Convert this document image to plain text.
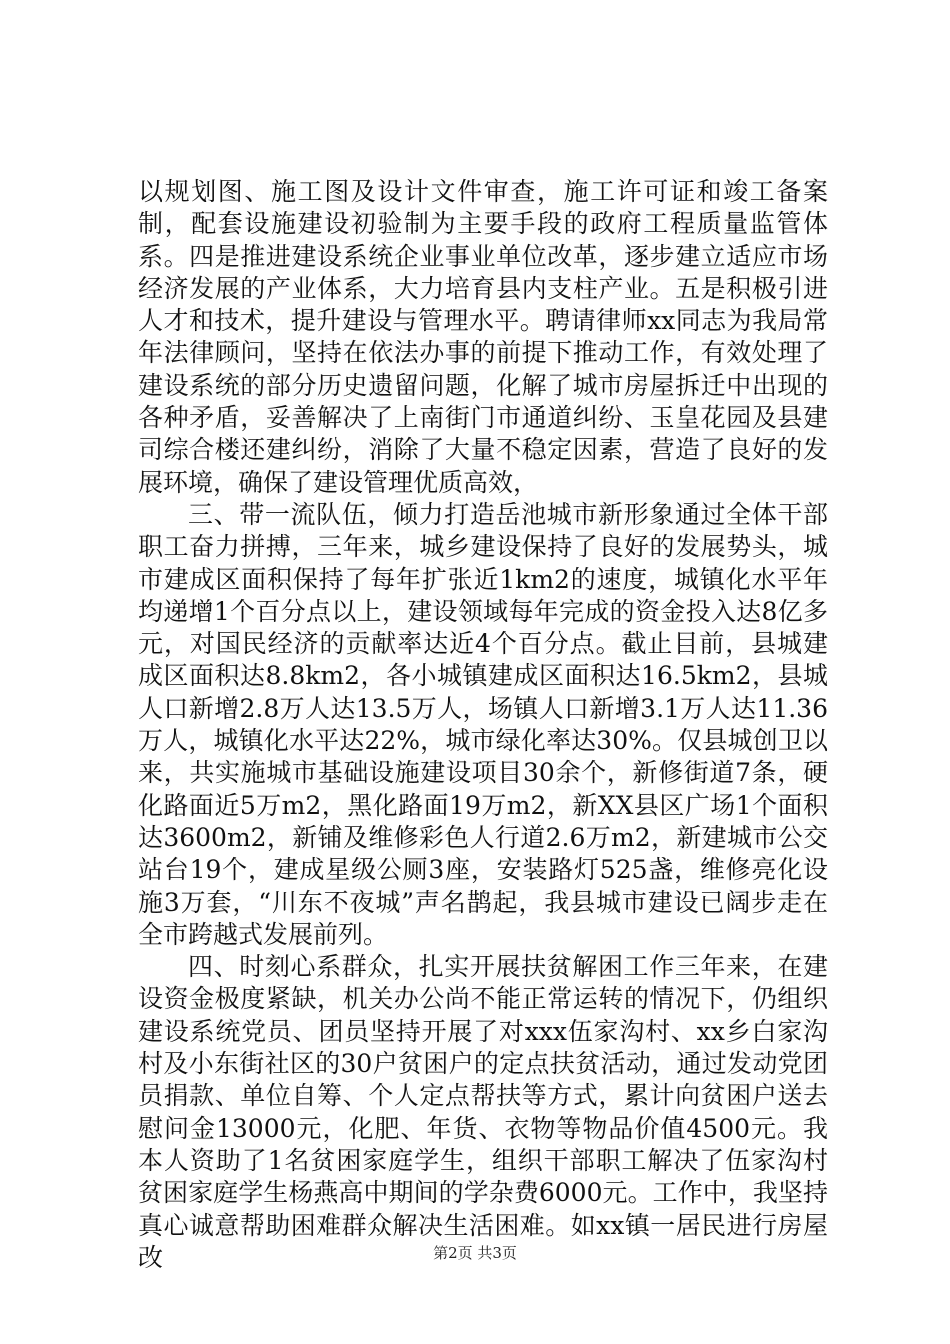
以规划图、施工图及设计文件审查，施工许可证和竣工备案制，配套设施建设初验制为主要手段的政府工程质量监管体系。四是推进建设系统企业事业单位改革，逐步建立适应市场经济发展的产业体系，大力培育县内支柱产业。五是积极引进人才和技术，提升建设与管理水平。聘请律师xx同志为我局常年法律顾问，坚持在依法办事的前提下推动工作，有效处理了建设系统的部分历史遗留问题，化解了城市房屋拆迁中出现的各种矛盾，妥善解决了上南街门市通道纠纷、玉皇花园及县建司综合楼还建纠纷，消除了大量不稳定因素，营造了良好的发展环境，确保了建设管理优质高效，

三、带一流队伍，倾力打造岳池城市新形象通过全体干部职工奋力拼搏，三年来，城乡建设保持了良好的发展势头，城市建成区面积保持了每年扩张近1km2的速度，城镇化水平年均递增1个百分点以上，建设领域每年完成的资金投入达8亿多元，对国民经济的贡献率达近4个百分点。截止目前，县城建成区面积达8.8km2，各小城镇建成区面积达16.5km2，县城人口新增2.8万人达13.5万人，场镇人口新增3.1万人达11.36万人，城镇化水平达22%，城市绿化率达30%。仅县城创卫以来，共实施城市基础设施建设项目30余个，新修街道7条，硬化路面近5万m2，黑化路面19万m2，新XX县区广场1个面积达3600m2，新铺及维修彩色人行道2.6万m2，新建城市公交站台19个，建成星级公厕3座，安装路灯525盏，维修亮化设施3万套，“川东不夜城”声名鹊起，我县城市建设已阔步走在全市跨越式发展前列。

四、时刻心系群众，扎实开展扶贫解困工作三年来，在建设资金极度紧缺，机关办公尚不能正常运转的情况下，仍组织建设系统党员、团员坚持开展了对xxx伍家沟村、xx乡白家沟村及小东街社区的30户贫困户的定点扶贫活动，通过发动党团员捐款、单位自筹、个人定点帮扶等方式，累计向贫困户送去慰问金13000元，化肥、年货、衣物等物品价值4500元。我本人资助了1名贫困家庭学生，组织干部职工解决了伍家沟村贫困家庭学生杨燕高中期间的学杂费6000元。工作中，我坚持真心诚意帮助困难群众解决生活困难。如xx镇一居民进行房屋改	第2页 共3页
